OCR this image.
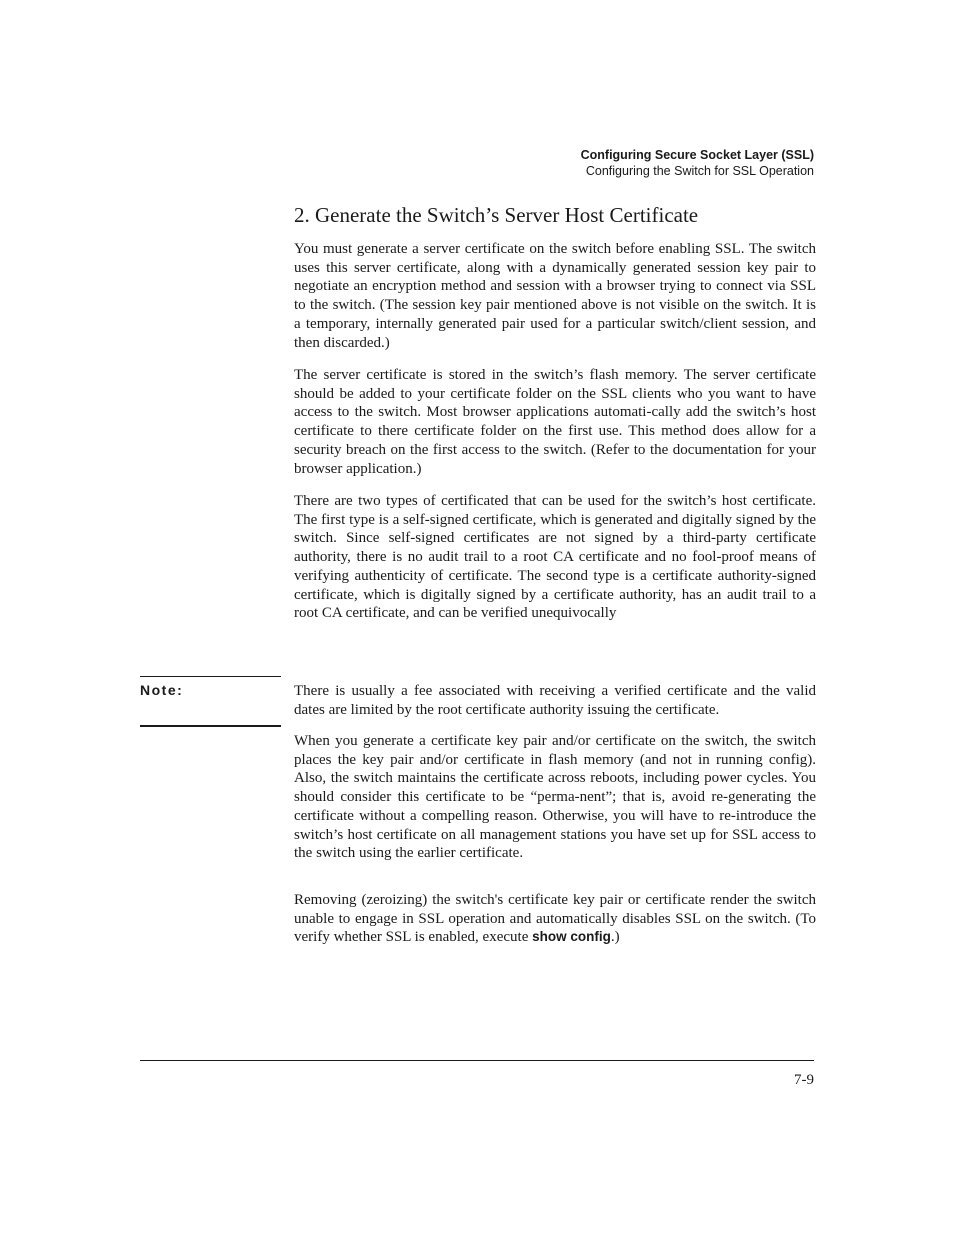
Configuring Secure Socket Layer (SSL)
Configuring the Switch for SSL Operation
2. Generate the Switch’s Server Host Certificate

You must generate a server certificate on the switch before enabling SSL. The switch uses this server certificate, along with a dynamically generated session key pair to negotiate an encryption method and session with a browser trying to connect via SSL to the switch. (The session key pair mentioned above is not visible on the switch. It is a temporary, internally generated pair used for a particular switch/client session, and then discarded.)

The server certificate is stored in the switch’s flash memory. The server certificate should be added to your certificate folder on the SSL clients who you want to have access to the switch. Most browser applications automati-cally add the switch’s host certificate to there certificate folder on the first use. This method does allow for a security breach on the first access to the switch. (Refer to the documentation for your browser application.)

There are two types of certificated that can be used for the switch’s host certificate. The first type is a self-signed certificate, which is generated and digitally signed by the switch. Since self-signed certificates are not signed by a third-party certificate authority, there is no audit trail to a root CA certificate and no fool-proof means of verifying authenticity of certificate. The second type is a certificate authority-signed certificate, which is digitally signed by a certificate authority, has an audit trail to a root CA certificate, and can be verified unequivocally

Note:	There is usually a fee associated with receiving a verified certificate and the valid dates are limited by the root certificate authority issuing the certificate.

When you generate a certificate key pair and/or certificate on the switch, the switch places the key pair and/or certificate in flash memory (and not in running config). Also, the switch maintains the certificate across reboots, including power cycles. You should consider this certificate to be “perma-nent”; that is, avoid re-generating the certificate without a compelling reason. Otherwise, you will have to re-introduce the switch’s host certificate on all management stations you have set up for SSL access to the switch using the earlier certificate.

Removing (zeroizing) the switch's certificate key pair or certificate render the switch unable to engage in SSL operation and automatically disables SSL on the switch. (To verify whether SSL is enabled, execute show config.)

7-9
